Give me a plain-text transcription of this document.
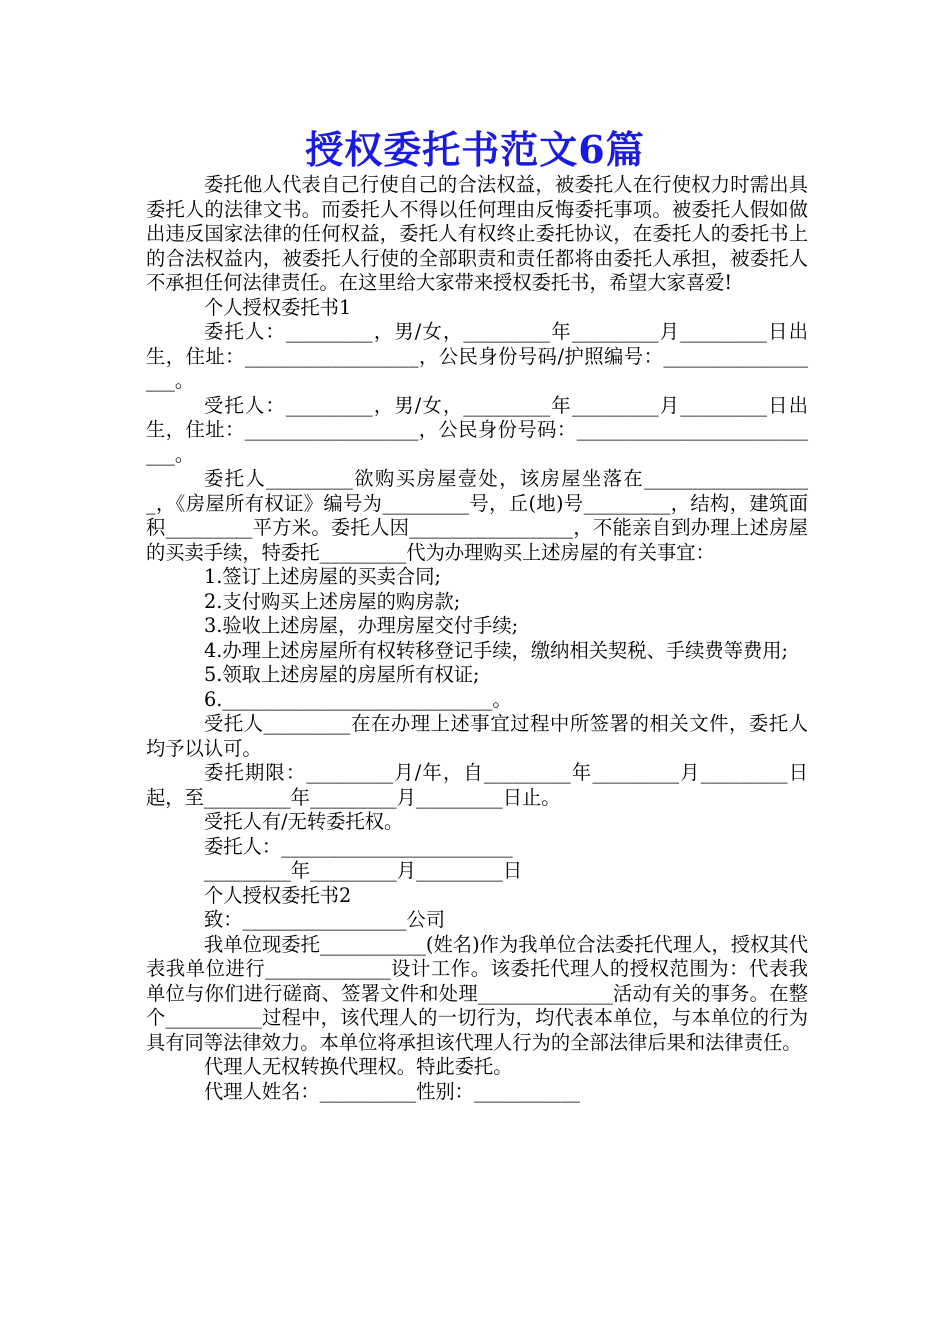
授权委托书范文6篇

委托他人代表自己行使自己的合法权益，被委托人在行使权力时需出具委托人的法律文书。而委托人不得以任何理由反悔委托事项。被委托人假如做出违反国家法律的任何权益，委托人有权终止委托协议，在委托人的委托书上的合法权益内，被委托人行使的全部职责和责任都将由委托人承担，被委托人不承担任何法律责任。在这里给大家带来授权委托书，希望大家喜爱!

个人授权委托书1

委托人：_________，男/女，_________年_________月_________日出生，住址：__________________，公民身份号码/护照编号：__________________。

受托人：_________，男/女，_________年_________月_________日出生，住址：__________________，公民身份号码：___________________________。

委托人_________欲购买房屋壹处，该房屋坐落在__________________，《房屋所有权证》编号为_________号，丘(地)号_________，结构，建筑面积_________平方米。委托人因_________________，不能亲自到办理上述房屋的买卖手续，特委托_________代为办理购买上述房屋的有关事宜：

1.签订上述房屋的买卖合同;

2.支付购买上述房屋的购房款;

3.验收上述房屋，办理房屋交付手续;

4.办理上述房屋所有权转移登记手续，缴纳相关契税、手续费等费用;

5.领取上述房屋的房屋所有权证;

6.____________________________。

受托人_________在在办理上述事宜过程中所签署的相关文件，委托人均予以认可。

委托期限：_________月/年，自_________年_________月_________日起，至_________年_________月_________日止。

受托人有/无转委托权。

委托人：________________________

_________年_________月_________日

个人授权委托书2

致：_________________公司

我单位现委托___________(姓名)作为我单位合法委托代理人，授权其代表我单位进行_____________设计工作。该委托代理人的授权范围为：代表我单位与你们进行磋商、签署文件和处理______________活动有关的事务。在整个__________过程中，该代理人的一切行为，均代表本单位，与本单位的行为具有同等法律效力。本单位将承担该代理人行为的全部法律后果和法律责任。

代理人无权转换代理权。特此委托。

代理人姓名：__________性别：___________
